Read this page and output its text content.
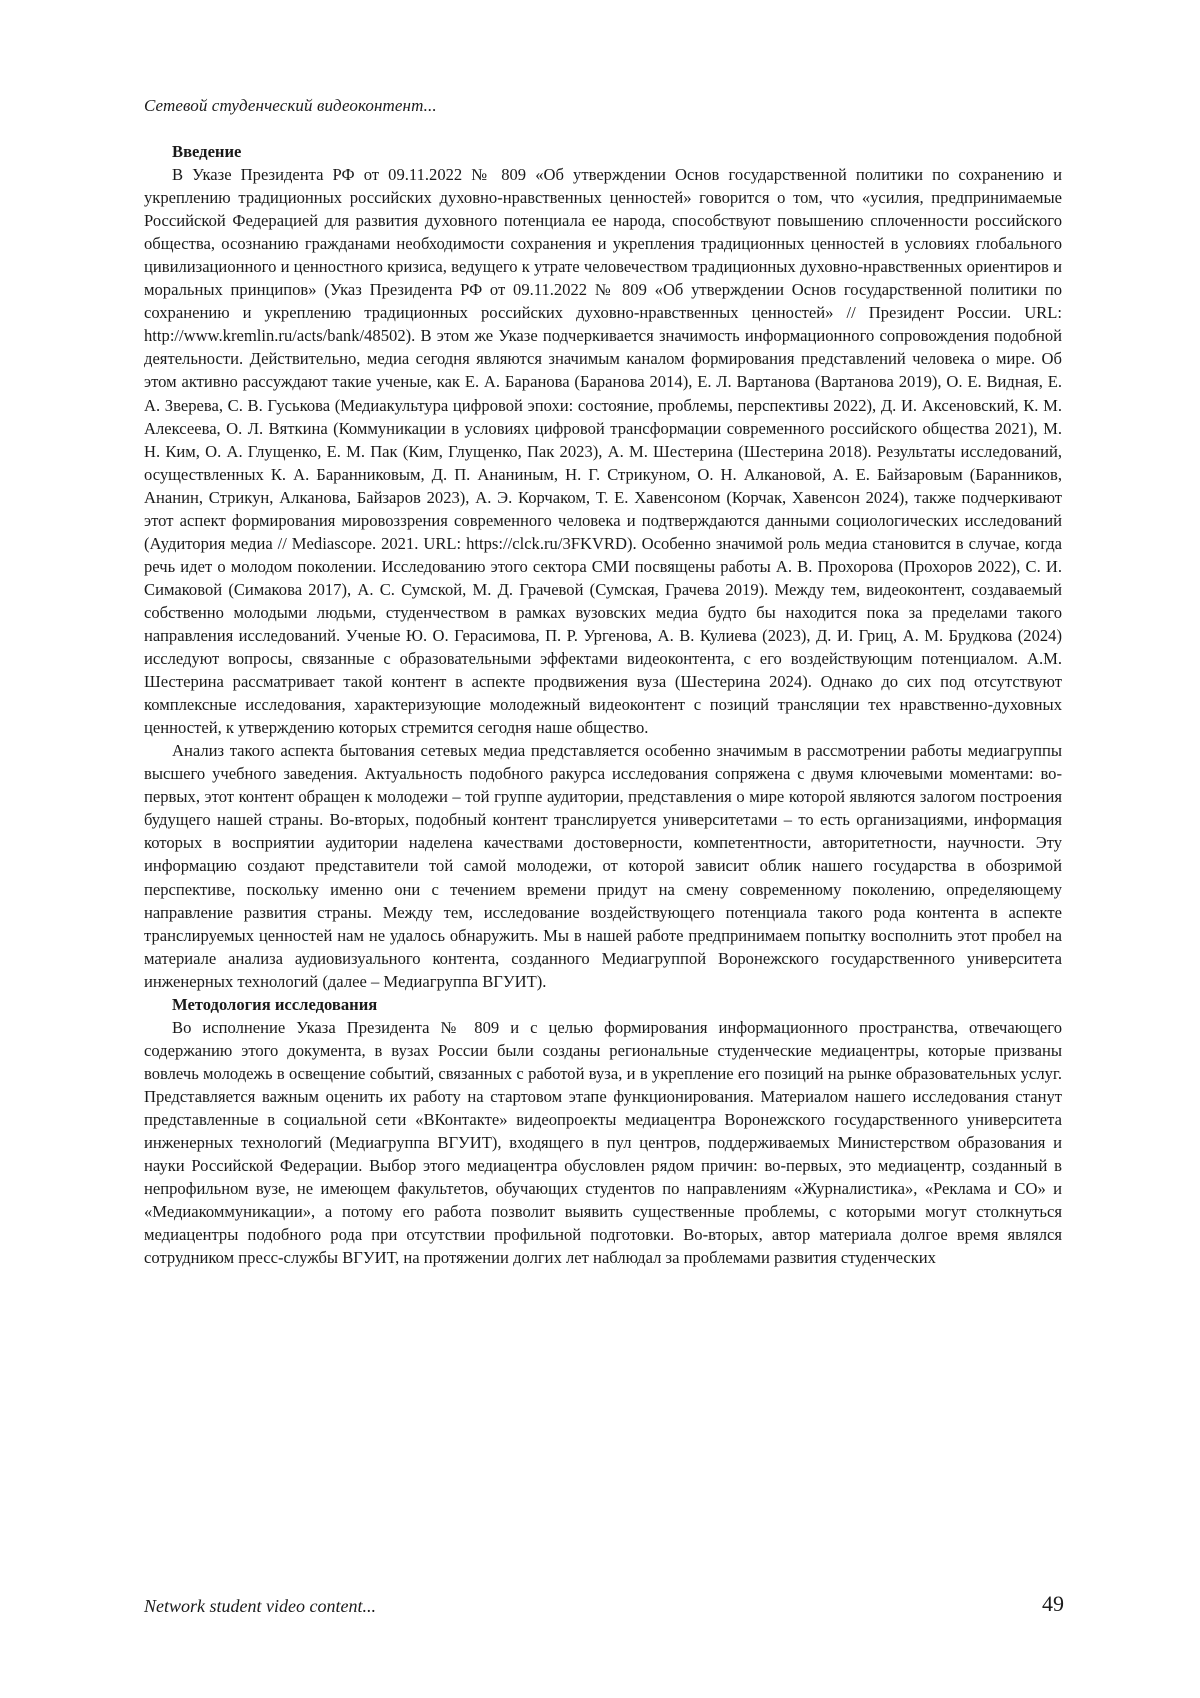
Сетевой студенческий видеоконтент...
Введение

В Указе Президента РФ от 09.11.2022 № 809 «Об утверждении Основ государственной политики по сохранению и укреплению традиционных российских духовно-нравственных ценностей» говорится о том, что «усилия, предпринимаемые Российской Федерацией для развития духовного потенциала ее народа, способствуют повышению сплоченности российского общества, осознанию гражданами необходимости сохранения и укрепления традиционных ценностей в условиях глобального цивилизационного и ценностного кризиса, ведущего к утрате человечеством традиционных духовно-нравственных ориентиров и моральных принципов» (Указ Президента РФ от 09.11.2022 № 809 «Об утверждении Основ государственной политики по сохранению и укреплению традиционных российских духовно-нравственных ценностей» // Президент России. URL: http://www.kremlin.ru/acts/bank/48502). В этом же Указе подчеркивается значимость информационного сопровождения подобной деятельности. Действительно, медиа сегодня являются значимым каналом формирования представлений человека о мире. Об этом активно рассуждают такие ученые, как Е. А. Баранова (Баранова 2014), Е. Л. Вартанова (Вартанова 2019), О. Е. Видная, Е. А. Зверева, С. В. Гуськова (Медиакультура цифровой эпохи: состояние, проблемы, перспективы 2022), Д. И. Аксеновский, К. М. Алексеева, О. Л. Вяткина (Коммуникации в условиях цифровой трансформации современного российского общества 2021), М. Н. Ким, О. А. Глущенко, Е. М. Пак (Ким, Глущенко, Пак 2023), А. М. Шестерина (Шестерина 2018). Результаты исследований, осуществленных К. А. Баранниковым, Д. П. Ананиным, Н. Г. Стрикуном, О. Н. Алкановой, А. Е. Байзаровым (Баранников, Ананин, Стрикун, Алканова, Байзаров 2023), А. Э. Корчаком, Т. Е. Хавенсоном (Корчак, Хавенсон 2024), также подчеркивают этот аспект формирования мировоззрения современного человека и подтверждаются данными социологических исследований (Аудитория медиа // Mediascope. 2021. URL: https://clck.ru/3FKVRD). Особенно значимой роль медиа становится в случае, когда речь идет о молодом поколении. Исследованию этого сектора СМИ посвящены работы А. В. Прохорова (Прохоров 2022), С. И. Симаковой (Симакова 2017), А. С. Сумской, М. Д. Грачевой (Сумская, Грачева 2019). Между тем, видеоконтент, создаваемый собственно молодыми людьми, студенчеством в рамках вузовских медиа будто бы находится пока за пределами такого направления исследований. Ученые Ю. О. Герасимова, П. Р. Ургенова, А. В. Кулиева (2023), Д. И. Гриц, А. М. Брудкова (2024) исследуют вопросы, связанные с образовательными эффектами видеоконтента, с его воздействующим потенциалом. А.М. Шестерина рассматривает такой контент в аспекте продвижения вуза (Шестерина 2024). Однако до сих под отсутствуют комплексные исследования, характеризующие молодежный видеоконтент с позиций трансляции тех нравственно-духовных ценностей, к утверждению которых стремится сегодня наше общество.

Анализ такого аспекта бытования сетевых медиа представляется особенно значимым в рассмотрении работы медиагруппы высшего учебного заведения. Актуальность подобного ракурса исследования сопряжена с двумя ключевыми моментами: во-первых, этот контент обращен к молодежи – той группе аудитории, представления о мире которой являются залогом построения будущего нашей страны. Во-вторых, подобный контент транслируется университетами – то есть организациями, информация которых в восприятии аудитории наделена качествами достоверности, компетентности, авторитетности, научности. Эту информацию создают представители той самой молодежи, от которой зависит облик нашего государства в обозримой перспективе, поскольку именно они с течением времени придут на смену современному поколению, определяющему направление развития страны. Между тем, исследование воздействующего потенциала такого рода контента в аспекте транслируемых ценностей нам не удалось обнаружить. Мы в нашей работе предпринимаем попытку восполнить этот пробел на материале анализа аудиовизуального контента, созданного Медиагруппой Воронежского государственного университета инженерных технологий (далее – Медиагруппа ВГУИТ).

Методология исследования

Во исполнение Указа Президента № 809 и с целью формирования информационного пространства, отвечающего содержанию этого документа, в вузах России были созданы региональные студенческие медиацентры, которые призваны вовлечь молодежь в освещение событий, связанных с работой вуза, и в укрепление его позиций на рынке образовательных услуг. Представляется важным оценить их работу на стартовом этапе функционирования. Материалом нашего исследования станут представленные в социальной сети «ВКонтакте» видеопроекты медиацентра Воронежского государственного университета инженерных технологий (Медиагруппа ВГУИТ), входящего в пул центров, поддерживаемых Министерством образования и науки Российской Федерации. Выбор этого медиацентра обусловлен рядом причин: во-первых, это медиацентр, созданный в непрофильном вузе, не имеющем факультетов, обучающих студентов по направлениям «Журналистика», «Реклама и СО» и «Медиакоммуникации», а потому его работа позволит выявить существенные проблемы, с которыми могут столкнуться медиацентры подобного рода при отсутствии профильной подготовки. Во-вторых, автор материала долгое время являлся сотрудником пресс-службы ВГУИТ, на протяжении долгих лет наблюдал за проблемами развития студенческих

Network student video content...	49
